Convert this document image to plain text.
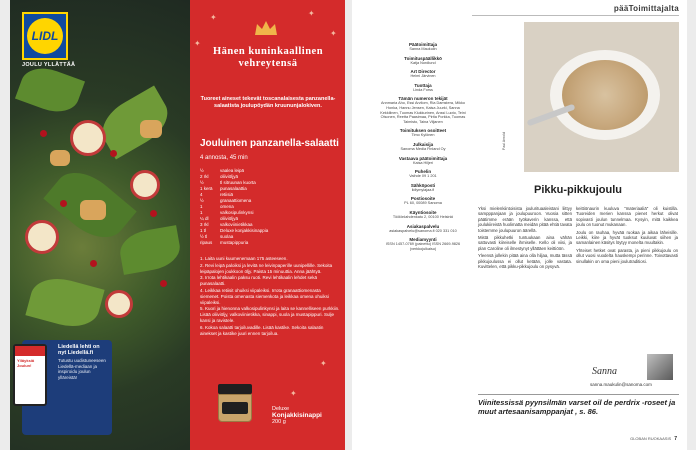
LIDL
JOULU YLLÄTTÄÄ
Liedellä lehti on nyt Liedellä.fi
Tutustu uudistuneeseen Liedellä-mediaan ja inspiroidu joulun ylläreistä!
Ylläyksiä Joulun!
✦	✦
✦
✦
✦
✦
Hänen kuninkaallinen vehreytensä
Tuoreet aineset tekevät toscanalaisesta panzanella-salaatista joulupöydän kruununjalokiven.
Jouluinen panzanella-salaatti
4 annosta, 45 min
½	vaalea leipä
2 rkl	oliiviöljyä
½	tl sitruunan kuorta
1 kerä	punasalaattia
4	retiisiä
½	granaattiomena
1	omena
1	valkosipulinkynsi
¼ dl	oliiviöljyä
3 rkl	valkoviinietikkaa
1 tl	Deluxe konjakkisinappia
½ tl	suolaa
ripaus	mustapippuria
1. Laita uuni kuumenemaan 175 asteeseen.
2. Revi leipä paloiksi ja levitä ne leivinpaperille uunipellille. Sekoita leipäpalojen joukkoon öljy. Paista 15 minuuttia. Anna jäähtyä.
3. Irrota lehtikaalin paksu ruoti. Revi lehtikaalin lehdet sekä punasalaatti.
4. Leikkaa retiisit ohuiksi viipaleiksi. Irrota granaattiomenasta siemenet. Poista omenasta siemenkota ja leikkaa omena ohuiksi viipaleiksi.
5. Kuori ja hienonna valkosipulinkynsi ja laita se kannelliseen purkkiin. Lisää oliiviöljy, valkoviinietikka, sinappi, suola ja mustapippuri. Sulje kansi ja ravistele.
6. Kokoa salaatti tarjoiluvadille. Lisää kastike. Sekoita salaatin ainekset ja kastike juuri ennen tarjoilua.
Deluxe
Konjakkisinappi
200 g
pääToimittajalta
Päätoimittaja
Sanna Maukulin
Toimituspäällikkö
Katja Nordlund
Art Director
Helmi Järvinen
Tuottaja
Linda Forss
Tämän numeron tekijät
Annmaria Aho, Essi Arvilom, Ria Damstera, Mikko Honka, Hannu Jensen, Kaisa Juurki, Sanna Kekkilinen, Tuomas Kiukkurinen, Anssi Luoto, Teini Olsonen, Reetta Paasimaa, Pirita Porkka, Tuomas Taimisto, Taina Viljanen
Toimituksen osoitteet
Timo Kylönen
Julkaisija
Sanoma Media Finland Oy
Vastaava päätoimittaja
Kaisa Hiljeri
Puhelin
Vaihde 09 1 201
Sähköposti
lidlymylajaa.fi
Postiosoite
PL 60, 00089 Sanoma
Käyntiosoite
Töölönlahdenkatu 2, 00100 Helsinki
Asiakaspalvelu
asiakaspalvelu@sanoma.fi 020 331 010
Mediamyynti
ISSN 1457-0769 (painettu) ISSN 2669-9826 (verkkojulkaisu)
Paul Arnold
Pikku-pikkujoulu

Yksi mielenkiintoisista joulurituaaleistani liittyy sampppanjaan ja joulupuuroon. Vuosia sitten päätimme erään työkaverin kanssa, että joulukiireistä huolimatta meidän pitää ehtiä tavata toistemme joulupuuron äärellä.

Mistä pikkuhetki tuntuukaan aina vähän sattuvasti kiireiselle ihmiselle. Kello oli viisi, ja plan Caroline oli ilmestynyt yllättäen keittiöön.

Yleensä jollekin pitää aina olla hiljaa, mutta tässä pikkujoulussa ei ollut ketään, jolle vastata. Kuvittelen, että pikku-pikkujoulu on pysyvä.

keittiönaurin kuuluva "materiaaliä" oli kuistilla. Tuoreiden merien kanssa pienet herkut olivat sopivasti joulun tunnelmaa. Kysyin, mitä kaikkea joulu on tuonut mukanaan.

Joulu on rauhaa, hyvää ruokaa ja aikaa läheisille. Leikki, kiire ja hyvät tuoksut kuuluvat siihen ja samanlainen käsitys löytyy monelta muultakin.

Yhteiset hetket ovat parasta, ja pieni pikkujoulu on ollut vuosi vuodelta hauskempi perinne. Toivottavasti sinullakin on oma pieni joulutraditiosi.

Sanna
sanna.maukulin@sanoma.com
Viinitessissä pyynsilmän varset oil de perdrix -roseet ja muut artesaanisamppanjat , s. 86.
GLOBAN RUOKAASIS 7
